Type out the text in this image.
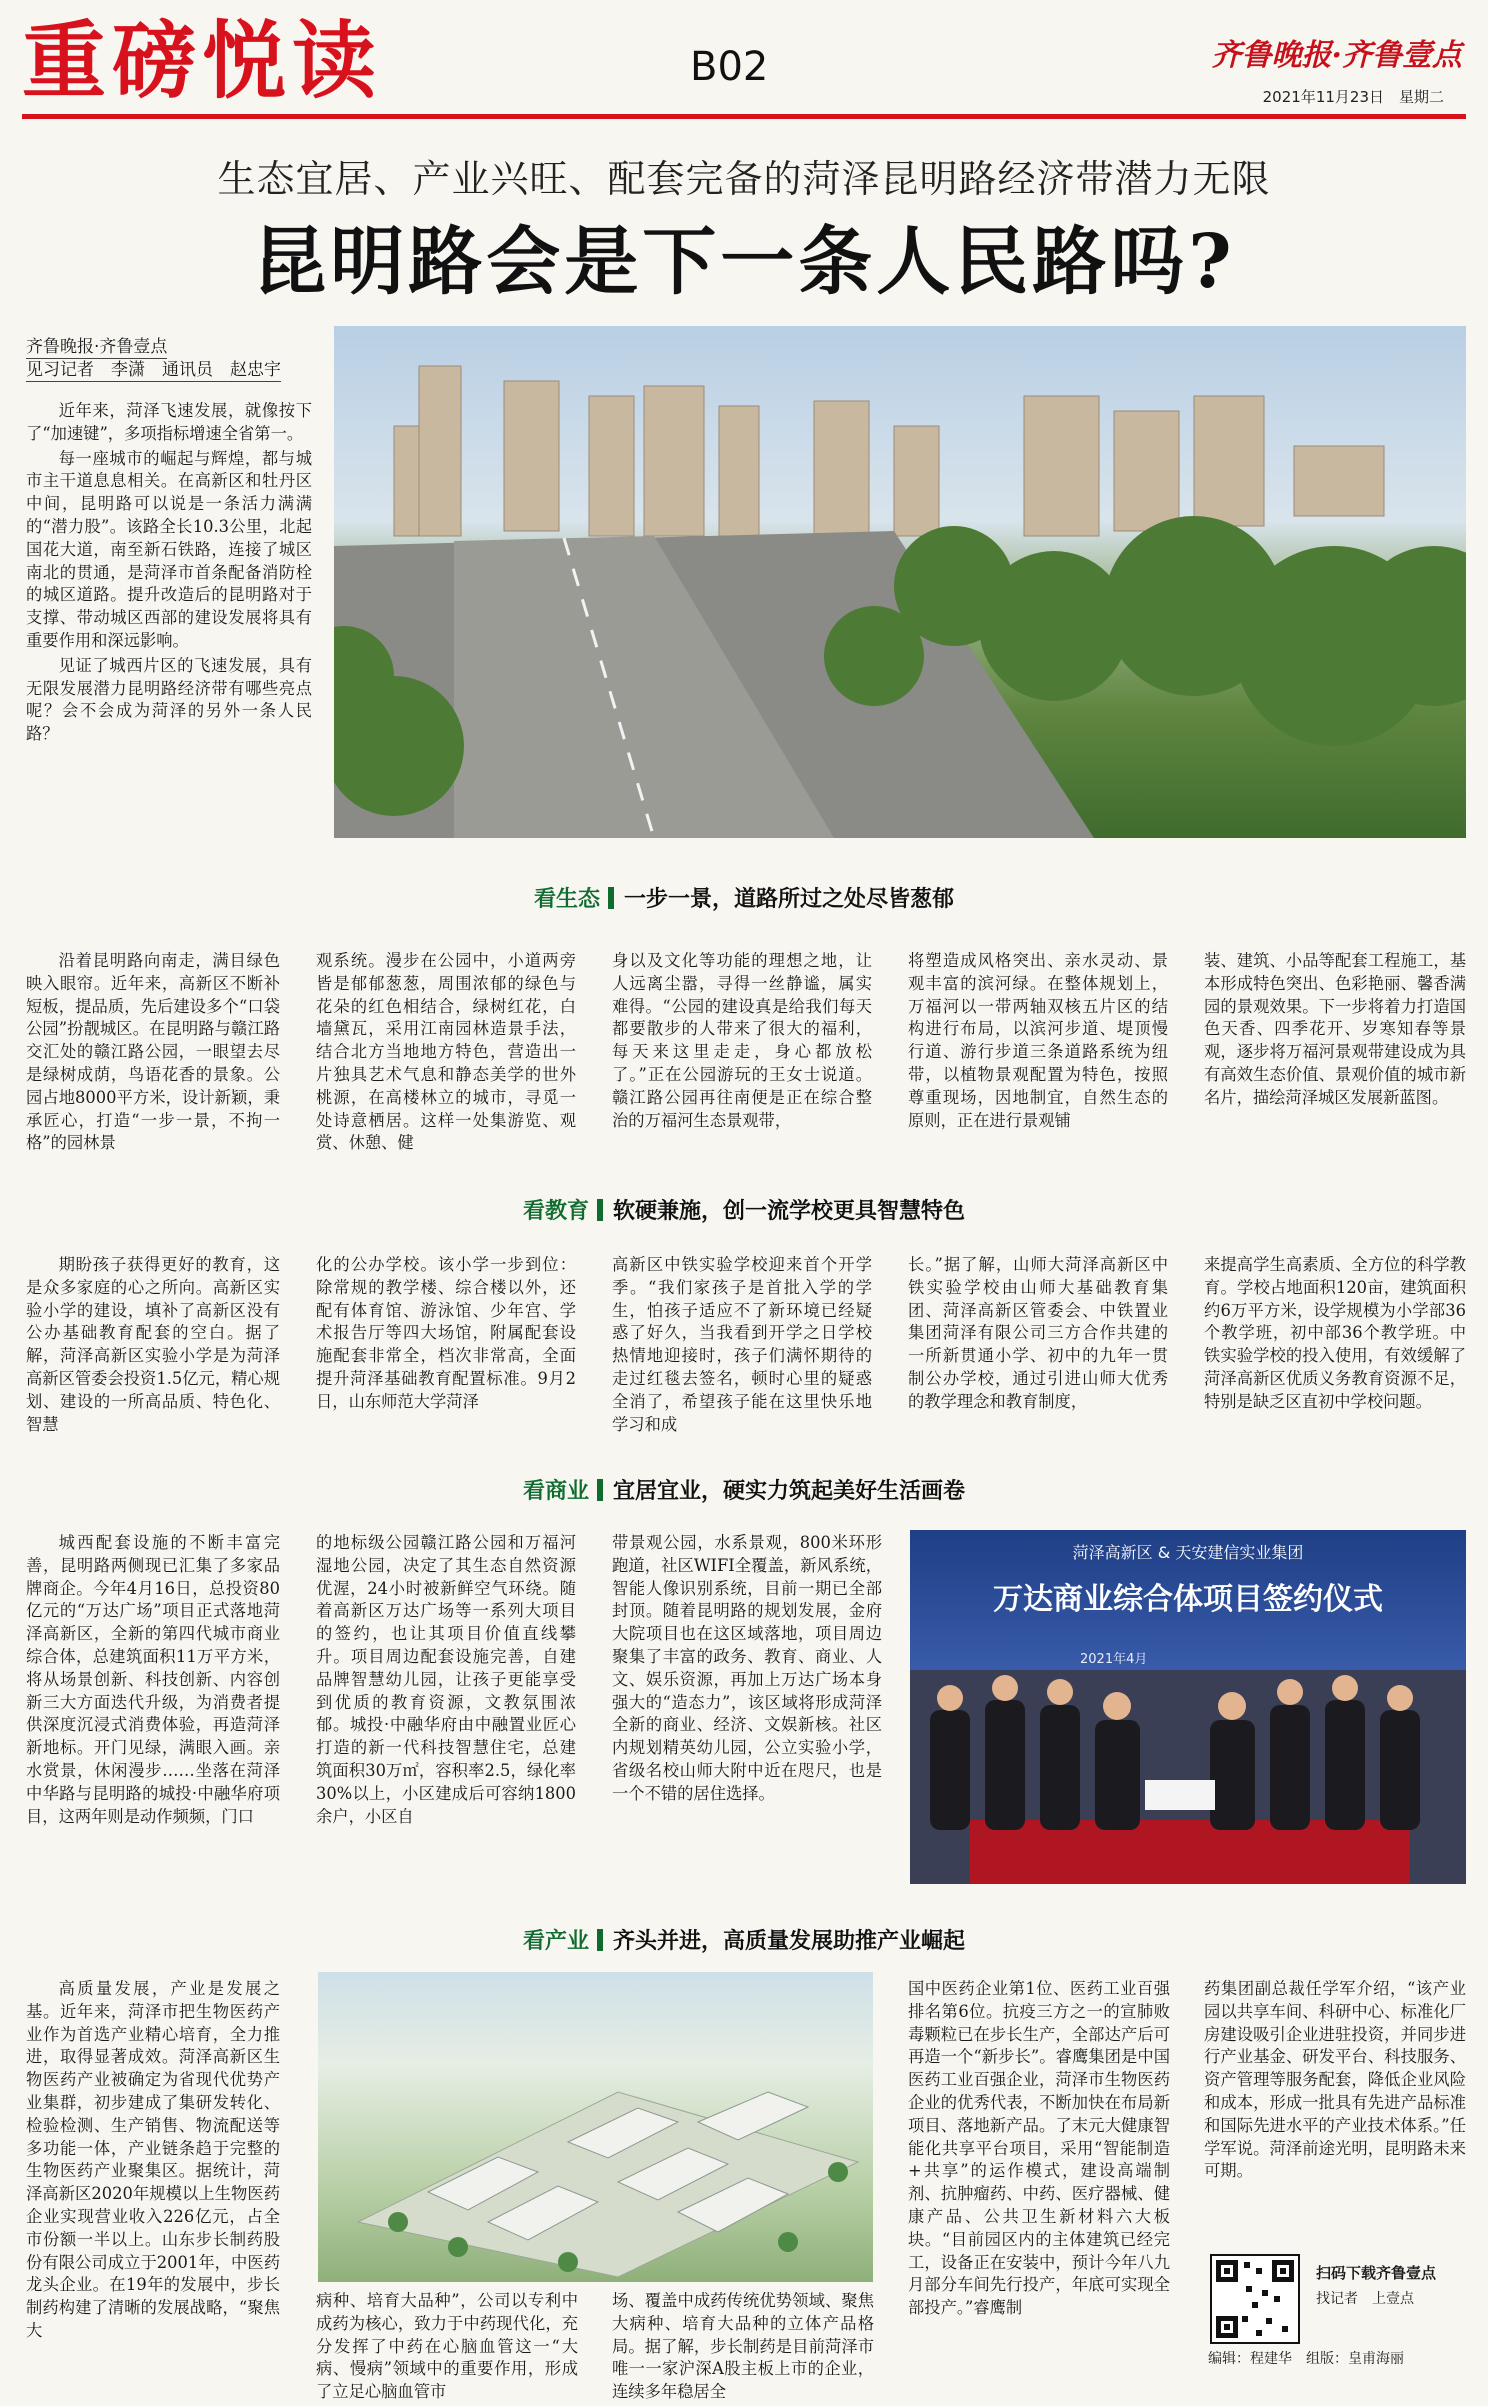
重磅悦读	B02	齐鲁晚报·齐鲁壹点
2021年11月23日　星期二
生态宜居、产业兴旺、配套完备的菏泽昆明路经济带潜力无限
昆明路会是下一条人民路吗?
齐鲁晚报·齐鲁壹点
见习记者　李潇　通讯员　赵忠宇

近年来，菏泽飞速发展，就像按下了“加速键”，多项指标增速全省第一。

每一座城市的崛起与辉煌，都与城市主干道息息相关。在高新区和牡丹区中间，昆明路可以说是一条活力满满的“潜力股”。该路全长10.3公里，北起国花大道，南至新石铁路，连接了城区南北的贯通，是菏泽市首条配备消防栓的城区道路。提升改造后的昆明路对于支撑、带动城区西部的建设发展将具有重要作用和深远影响。

见证了城西片区的飞速发展，具有无限发展潜力昆明路经济带有哪些亮点呢？会不会成为菏泽的另外一条人民路？

看生态 一步一景，道路所过之处尽皆葱郁

沿着昆明路向南走，满目绿色映入眼帘。近年来，高新区不断补短板，提品质，先后建设多个“口袋公园”扮靓城区。在昆明路与赣江路交汇处的赣江路公园，一眼望去尽是绿树成荫，鸟语花香的景象。公园占地8000平方米，设计新颖，秉承匠心，打造“一步一景，不拘一格”的园林景

观系统。漫步在公园中，小道两旁皆是郁郁葱葱，周围浓郁的绿色与花朵的红色相结合，绿树红花，白墙黛瓦，采用江南园林造景手法，结合北方当地地方特色，营造出一片独具艺术气息和静态美学的世外桃源，在高楼林立的城市，寻觅一处诗意栖居。这样一处集游览、观赏、休憩、健

身以及文化等功能的理想之地，让人远离尘嚣，寻得一丝静谧，属实难得。“公园的建设真是给我们每天都要散步的人带来了很大的福利，每天来这里走走，身心都放松了。”正在公园游玩的王女士说道。赣江路公园再往南便是正在综合整治的万福河生态景观带，

将塑造成风格突出、亲水灵动、景观丰富的滨河绿。在整体规划上，万福河以一带两轴双核五片区的结构进行布局，以滨河步道、堤顶慢行道、游行步道三条道路系统为纽带，以植物景观配置为特色，按照尊重现场，因地制宜，自然生态的原则，正在进行景观铺

装、建筑、小品等配套工程施工，基本形成特色突出、色彩艳丽、馨香满园的景观效果。下一步将着力打造国色天香、四季花开、岁寒知春等景观，逐步将万福河景观带建设成为具有高效生态价值、景观价值的城市新名片，描绘菏泽城区发展新蓝图。

看教育 软硬兼施，创一流学校更具智慧特色

期盼孩子获得更好的教育，这是众多家庭的心之所向。高新区实验小学的建设，填补了高新区没有公办基础教育配套的空白。据了解，菏泽高新区实验小学是为菏泽高新区管委会投资1.5亿元，精心规划、建设的一所高品质、特色化、智慧

化的公办学校。该小学一步到位：除常规的教学楼、综合楼以外，还配有体育馆、游泳馆、少年宫、学术报告厅等四大场馆，附属配套设施配套非常全，档次非常高，全面提升菏泽基础教育配置标准。9月2日，山东师范大学菏泽

高新区中铁实验学校迎来首个开学季。“我们家孩子是首批入学的学生，怕孩子适应不了新环境已经疑惑了好久，当我看到开学之日学校热情地迎接时，孩子们满怀期待的走过红毯去签名，顿时心里的疑惑全消了，希望孩子能在这里快乐地学习和成

长。”据了解，山师大菏泽高新区中铁实验学校由山师大基础教育集团、菏泽高新区管委会、中铁置业集团菏泽有限公司三方合作共建的一所新贯通小学、初中的九年一贯制公办学校，通过引进山师大优秀的教学理念和教育制度，

来提高学生高素质、全方位的科学教育。学校占地面积120亩，建筑面积约6万平方米，设学规模为小学部36个教学班，初中部36个教学班。中铁实验学校的投入使用，有效缓解了菏泽高新区优质义务教育资源不足，特别是缺乏区直初中学校问题。

看商业 宜居宜业，硬实力筑起美好生活画卷

城西配套设施的不断丰富完善，昆明路两侧现已汇集了多家品牌商企。今年4月16日，总投资80亿元的“万达广场”项目正式落地菏泽高新区，全新的第四代城市商业综合体，总建筑面积11万平方米，将从场景创新、科技创新、内容创新三大方面迭代升级，为消费者提供深度沉浸式消费体验，再造菏泽新地标。开门见绿，满眼入画。亲水赏景，休闲漫步……坐落在菏泽中华路与昆明路的城投·中融华府项目，这两年则是动作频频，门口

的地标级公园赣江路公园和万福河湿地公园，决定了其生态自然资源优渥，24小时被新鲜空气环绕。随着高新区万达广场等一系列大项目的签约，也让其项目价值直线攀升。项目周边配套设施完善，自建品牌智慧幼儿园，让孩子更能享受到优质的教育资源，文教氛围浓郁。城投·中融华府由中融置业匠心打造的新一代科技智慧住宅，总建筑面积30万㎡，容积率2.5，绿化率30%以上，小区建成后可容纳1800余户，小区自

带景观公园，水系景观，800米环形跑道，社区WIFI全覆盖，新风系统，智能人像识别系统，目前一期已全部封顶。随着昆明路的规划发展，金府大院项目也在这区域落地，项目周边聚集了丰富的政务、教育、商业、人文、娱乐资源，再加上万达广场本身强大的“造态力”，该区域将形成菏泽全新的商业、经济、文娱新核。社区内规划精英幼儿园，公立实验小学，省级名校山师大附中近在咫尺，也是一个不错的居住选择。

菏泽高新区 & 天安建信实业集团
万达商业综合体项目签约仪式
2021年4月
看产业 齐头并进，高质量发展助推产业崛起

高质量发展，产业是发展之基。近年来，菏泽市把生物医药产业作为首选产业精心培育，全力推进，取得显著成效。菏泽高新区生物医药产业被确定为省现代优势产业集群，初步建成了集研发转化、检验检测、生产销售、物流配送等多功能一体，产业链条趋于完整的生物医药产业聚集区。据统计，菏泽高新区2020年规模以上生物医药企业实现营业收入226亿元，占全市份额一半以上。山东步长制药股份有限公司成立于2001年，中医药龙头企业。在19年的发展中，步长制药构建了清晰的发展战略，“聚焦大

病种、培育大品种”，公司以专利中成药为核心，致力于中药现代化，充分发挥了中药在心脑血管这一“大病、慢病”领域中的重要作用，形成了立足心脑血管市

场、覆盖中成药传统优势领域、聚焦大病种、培育大品种的立体产品格局。据了解，步长制药是目前菏泽市唯一一家沪深A股主板上市的企业，连续多年稳居全

国中医药企业第1位、医药工业百强排名第6位。抗疫三方之一的宣肺败毒颗粒已在步长生产，全部达产后可再造一个“新步长”。睿鹰集团是中国医药工业百强企业，菏泽市生物医药企业的优秀代表，不断加快在布局新项目、落地新产品。了末元大健康智能化共享平台项目，采用“智能制造+共享”的运作模式，建设高端制剂、抗肿瘤药、中药、医疗器械、健康产品、公共卫生新材料六大板块。“目前园区内的主体建筑已经完工，设备正在安装中，预计今年八九月部分车间先行投产，年底可实现全部投产。”睿鹰制

药集团副总裁任学军介绍，“该产业园以共享车间、科研中心、标准化厂房建设吸引企业进驻投资，并同步进行产业基金、研发平台、科技服务、资产管理等服务配套，降低企业风险和成本，形成一批具有先进产品标准和国际先进水平的产业技术体系。”任学军说。菏泽前途光明，昆明路未来可期。

扫码下载齐鲁壹点
找记者　上壹点
编辑：程建华　组版：皇甫海丽
